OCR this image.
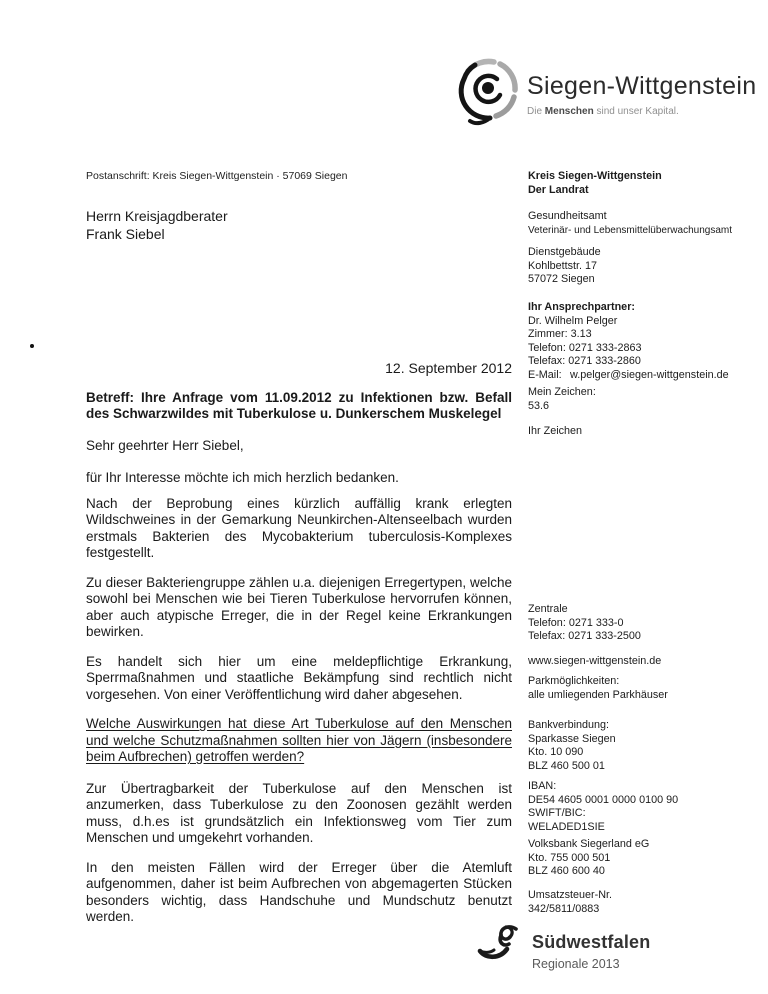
Siegen-Wittgenstein
Die Menschen sind unser Kapital.
Postanschrift: Kreis Siegen-Wittgenstein · 57069 Siegen
Herrn Kreisjagdberater
Frank Siebel
12. September 2012
Betreff: Ihre Anfrage vom 11.09.2012 zu Infektionen bzw. Befall des Schwarzwildes mit Tuberkulose u. Dunkerschem Muskelegel
Sehr geehrter Herr Siebel,
für Ihr Interesse möchte ich mich herzlich bedanken.
Nach der Beprobung eines kürzlich auffällig krank erlegten Wildschweines in der Gemarkung Neunkirchen-Altenseelbach wurden erstmals Bakterien des Mycobakterium tuberculosis-Komplexes festgestellt.
Zu dieser Bakteriengruppe zählen u.a. diejenigen Erregertypen, welche sowohl bei Menschen wie bei Tieren Tuberkulose hervorrufen können, aber auch atypische Erreger, die in der Regel keine Erkrankungen bewirken.
Es handelt sich hier um eine meldepflichtige Erkrankung, Sperrmaßnahmen und staatliche Bekämpfung sind rechtlich nicht vorgesehen. Von einer Veröffentlichung wird daher abgesehen.
Welche Auswirkungen hat diese Art Tuberkulose auf den Menschen und welche Schutzmaßnahmen sollten hier von Jägern (insbesondere beim Aufbrechen) getroffen werden?
Zur Übertragbarkeit der Tuberkulose auf den Menschen ist anzumerken, dass Tuberkulose zu den Zoonosen gezählt werden muss, d.h.es ist grundsätzlich ein Infektionsweg vom Tier zum Menschen und umgekehrt vorhanden.
In den meisten Fällen wird der Erreger über die Atemluft aufgenommen, daher ist beim Aufbrechen von abgemagerten Stücken besonders wichtig, dass Handschuhe und Mundschutz benutzt werden.
Kreis Siegen-Wittgenstein
Der Landrat
Gesundheitsamt
Veterinär- und Lebensmittelüberwachungsamt
Dienstgebäude
Kohlbettstr. 17
57072 Siegen
Ihr Ansprechpartner:
Dr. Wilhelm Pelger
Zimmer: 3.13
Telefon: 0271 333-2863
Telefax: 0271 333-2860
E-Mail: w.pelger@siegen-wittgenstein.de
Mein Zeichen:
53.6
Ihr Zeichen
Zentrale
Telefon: 0271 333-0
Telefax: 0271 333-2500
www.siegen-wittgenstein.de
Parkmöglichkeiten:
alle umliegenden Parkhäuser
Bankverbindung:
Sparkasse Siegen
Kto. 10 090
BLZ 460 500 01
IBAN:
DE54 4605 0001 0000 0100 90
SWIFT/BIC:
WELADED1SIE
Volksbank Siegerland eG
Kto. 755 000 501
BLZ 460 600 40
Umsatzsteuer-Nr.
342/5811/0883
Südwestfalen
Regionale 2013
